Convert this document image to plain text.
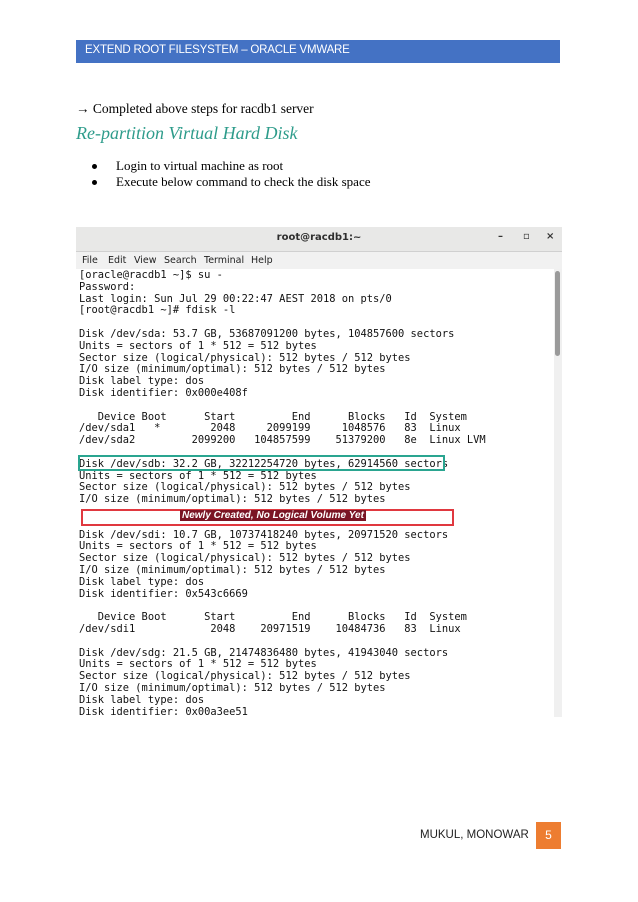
EXTEND ROOT FILESYSTEM – ORACLE VMWARE
→ Completed above steps for racdb1 server
Re-partition Virtual Hard Disk
Login to virtual machine as root
Execute below command to check the disk space
root@racdb1:~	– ▫ ×
File Edit View Search Terminal Help
Disk identifier: 0x00a3ee51
Disk label type: dos
I/O size (minimum/optimal): 512 bytes / 512 bytes
Sector size (logical/physical): 512 bytes / 512 bytes
Units = sectors of 1 * 512 = 512 bytes
Disk /dev/sdg: 21.5 GB, 21474836480 bytes, 41943040 sectors
/dev/sdi1            2048    20971519    10484736   83  Linux
Device Boot      Start         End      Blocks   Id  System
Disk identifier: 0x543c6669
Disk label type: dos
I/O size (minimum/optimal): 512 bytes / 512 bytes
Sector size (logical/physical): 512 bytes / 512 bytes
Units = sectors of 1 * 512 = 512 bytes
Disk /dev/sdi: 10.7 GB, 10737418240 bytes, 20971520 sectors
I/O size (minimum/optimal): 512 bytes / 512 bytes
Sector size (logical/physical): 512 bytes / 512 bytes
Units = sectors of 1 * 512 = 512 bytes
Disk /dev/sdb: 32.2 GB, 32212254720 bytes, 62914560 sectors
/dev/sda2         2099200   104857599    51379200   8e  Linux LVM
/dev/sda1   *        2048     2099199     1048576   83  Linux
Device Boot      Start         End      Blocks   Id  System
Disk identifier: 0x000e408f
Disk label type: dos
I/O size (minimum/optimal): 512 bytes / 512 bytes
Sector size (logical/physical): 512 bytes / 512 bytes
Units = sectors of 1 * 512 = 512 bytes
Disk /dev/sda: 53.7 GB, 53687091200 bytes, 104857600 sectors
[root@racdb1 ~]# fdisk -l
Last login: Sun Jul 29 00:22:47 AEST 2018 on pts/0
Password:
[oracle@racdb1 ~]$ su -
Newly Created, No Logical Volume Yet
MUKUL, MONOWAR	5
